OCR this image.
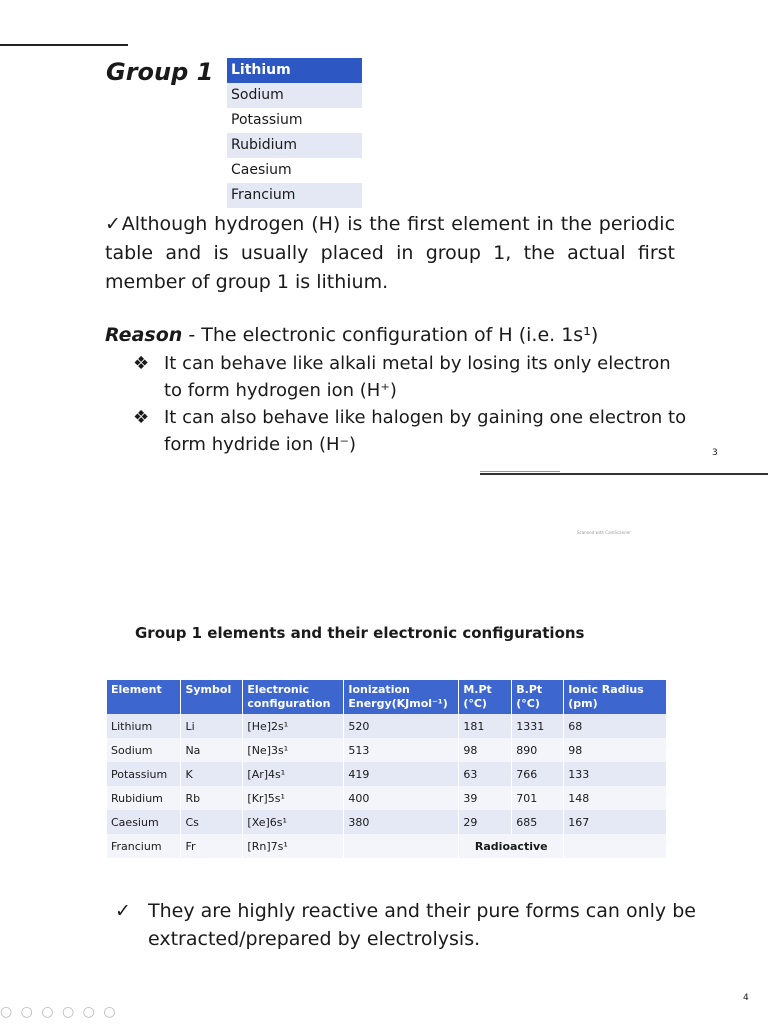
Group 1 Lithium
Sodium
Potassium
Rubidium
Caesium
Francium

✓Although hydrogen (H) is the first element in the periodic table and is usually placed in group 1, the actual first member of group 1 is lithium.

Reason - The electronic configuration of H (i.e. 1s¹)
❖ It can behave like alkali metal by losing its only electron to form hydrogen ion (H⁺)
❖ It can also behave like halogen by gaining one electron to form hydride ion (H⁻)	3
Scanned with CamScanner
Group 1 elements and their electronic configurations
Element	Symbol	Electronic configuration	Ionization Energy(KJmol⁻¹)	M.Pt (°C)	B.Pt (°C)	Ionic Radius (pm)
Lithium	Li	[He]2s¹	520	181	1331	68
Sodium	Na	[Ne]3s¹	513	98	890	98
Potassium	K	[Ar]4s¹	419	63	766	133
Rubidium	Rb	[Kr]5s¹	400	39	701	148
Caesium	Cs	[Xe]6s¹	380	29	685	167
Francium	Fr	[Rn]7s¹		Radioactive		
✓ They are highly reactive and their pure forms can only be extracted/prepared by electrolysis.
4
○ ○ ○ ○ ○ ○
